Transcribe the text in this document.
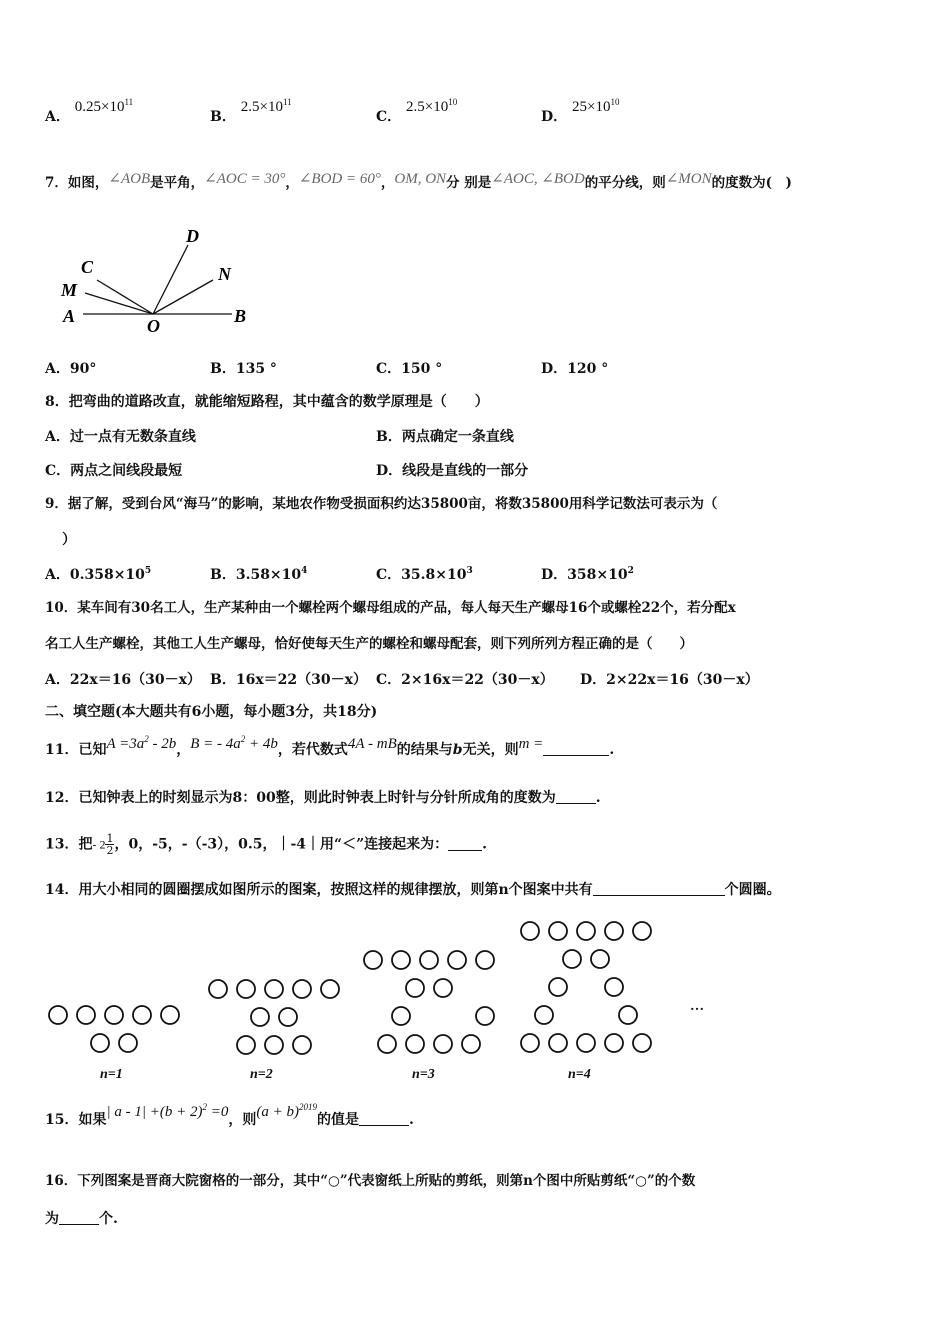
A． $0.25\times 10^{11}$
B． $2.5\times 10^{11}$
C． $2.5\times 10^{10}$
D． $25\times 10^{10}$
7．如图，∠AOB是平角，∠AOC = 30°，∠BOD = 60°，OM, ON分 别是∠AOC, ∠BOD的平分线，则∠MON的度数为(　)
D
C	N
M
A	O	B
A．90°	B．135 °	C．150 °	D．120 °
8．把弯曲的道路改直，就能缩短路程，其中蕴含的数学原理是（　　）
A．过一点有无数条直线	B．两点确定一条直线
C．两点之间线段最短	D．线段是直线的一部分
9．据了解，受到台风“海马”的影响，某地农作物受损面积约达35800亩，将数35800用科学记数法可表示为（
）
A．$0.358\times 10^5$	B．$3.58\times 10^4$	C．$35.8\times 10^3$	D．$358\times 10^2$
10．某车间有30名工人，生产某种由一个螺栓两个螺母组成的产品，每人每天生产螺母16个或螺栓22个，若分配x
名工人生产螺栓，其他工人生产螺母，恰好使每天生产的螺栓和螺母配套，则下列所列方程正确的是（　　）
A．22x＝16（30－x） B．16x＝22（30－x） C．2×16x＝22（30－x） D．2×22x＝16（30－x）
二、填空题(本大题共有6小题，每小题3分，共18分)
11．已知$A =3a^2 - 2b$，B = - $4a^2 + 4b$，若代数式4A - mB的结果与b无关，则m =	.
12．已知钟表上的时刻显示为8：00整，则此时钟表上时针与分针所成角的度数为	.
13．把- $2 \frac{1}{2}$ ，0，-5，-（-3），0.5，｜-4｜用“＜”连接起来为： .
14．用大小相同的圆圈摆成如图所示的图案，按照这样的规律摆放，则第n个图案中共有	个圆圈。
…
n=1	n=2	n=3	n=4
15．如果| $a - 1| +(b + 2)^2 =0$，则$(a + b)^{2019}$的值是	.
16．下列图案是晋商大院窗格的一部分，其中“○”代表窗纸上所贴的剪纸，则第n个图中所贴剪纸“○”的个数
为	个.
